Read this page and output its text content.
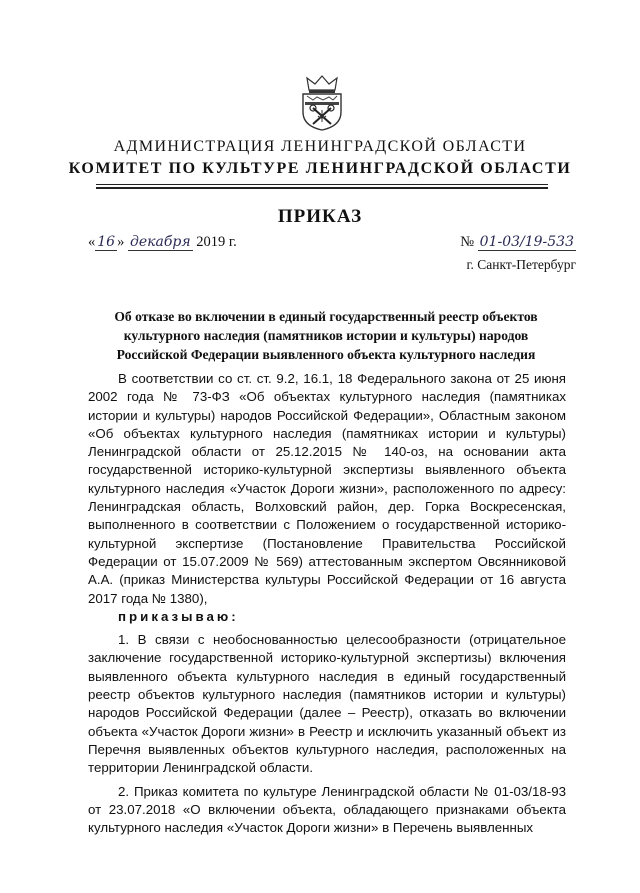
АДМИНИСТРАЦИЯ ЛЕНИНГРАДСКОЙ ОБЛАСТИ
КОМИТЕТ ПО КУЛЬТУРЕ ЛЕНИНГРАДСКОЙ ОБЛАСТИ
ПРИКАЗ
« 16 » декабря 2019 г.	№ 01-03/19-533
г. Санкт-Петербург
Об отказе во включении в единый государственный реестр объектов культурного наследия (памятников истории и культуры) народов Российской Федерации выявленного объекта культурного наследия

В соответствии со ст. ст. 9.2, 16.1, 18 Федерального закона от 25 июня 2002 года № 73-ФЗ «Об объектах культурного наследия (памятниках истории и культуры) народов Российской Федерации», Областным законом «Об объектах культурного наследия (памятниках истории и культуры) Ленинградской области от 25.12.2015 № 140-оз, на основании акта государственной историко-культурной экспертизы выявленного объекта культурного наследия «Участок Дороги жизни», расположенного по адресу: Ленинградская область, Волховский район, дер. Горка Воскресенская, выполненного в соответствии с Положением о государственной историко-культурной экспертизе (Постановление Правительства Российской Федерации от 15.07.2009 № 569) аттестованным экспертом Овсянниковой А.А. (приказ Министерства культуры Российской Федерации от 16 августа 2017 года № 1380),

приказываю:

1. В связи с необоснованностью целесообразности (отрицательное заключение государственной историко-культурной экспертизы) включения выявленного объекта культурного наследия в единый государственный реестр объектов культурного наследия (памятников истории и культуры) народов Российской Федерации (далее – Реестр), отказать во включении объекта «Участок Дороги жизни» в Реестр и исключить указанный объект из Перечня выявленных объектов культурного наследия, расположенных на территории Ленинградской области.

2. Приказ комитета по культуре Ленинградской области № 01-03/18-93 от 23.07.2018 «О включении объекта, обладающего признаками объекта культурного наследия «Участок Дороги жизни» в Перечень выявленных
